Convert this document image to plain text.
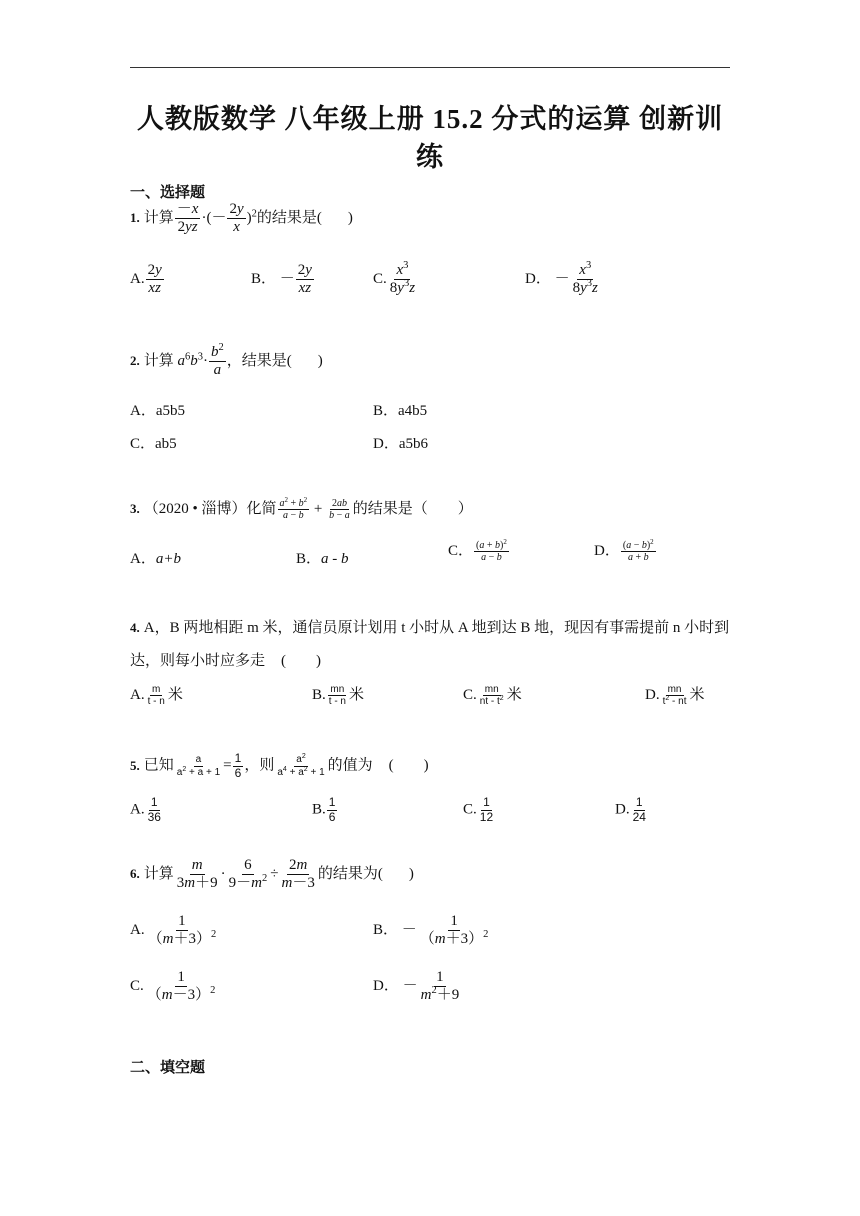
人教版数学 八年级上册 15.2 分式的运算 创新训练
一、选择题
1. 计算 $\frac{-x}{2yz}$ ·(－ $\frac{2y}{x} )^2$的结果是( )
A. $\frac{2y}{xz}$	B． － $\frac{2y}{xz}$	C. $\frac{x^3}{8y^3z}$	D． － $\frac{x^3}{8y^3z}$
2. 计算 $a^6b^3\cdot \frac{b^2}{a}$ ，结果是( )
A．a5b5	B．a4b5
C．ab5	D．a5b6
3. （2020 • 淄博）化简 $\frac{a^2 + b^2}{a - b} + \frac{2ab}{b - a}$ 的结果是（ ）
A．a+b	B．a ‑ b	C． $\frac{(a + b)^2}{a - b}$	D． $\frac{(a - b)^2}{a + b}$
4. A，B 两地相距 m 米，通信员原计划用 t 小时从 A 地到达 B 地，现因有事需提前 n 小时到达，则每小时应多走 (　　)
A. $\frac{m}{t - n}$ 米	B. $\frac{mn}{t - n}$ 米	C. $\frac{mn}{nt - t^2}$ 米	D. $\frac{mn}{t^2 - nt}$ 米
5. 已知 $\frac{a}{a^2 + a + 1} = \frac{1}{6}$ ，则 $\frac{a^2}{a^4 + a^2 + 1}$ 的值为 (　　)
A. $\frac{1}{36}$	B. $\frac{1}{6}$	C. $\frac{1}{12}$	D. $\frac{1}{24}$
6. 计算 $\frac{m}{3m+9} \cdot \frac{6}{9-m^2} \div \frac{2m}{m-3}$ 的结果为( )
A. $\frac{1}{(m+3)^2}$	B． － $\frac{1}{(m+3)^2}$
C. $\frac{1}{(m-3)^2}$	D． － $\frac{1}{m^2+9}$
二、填空题
